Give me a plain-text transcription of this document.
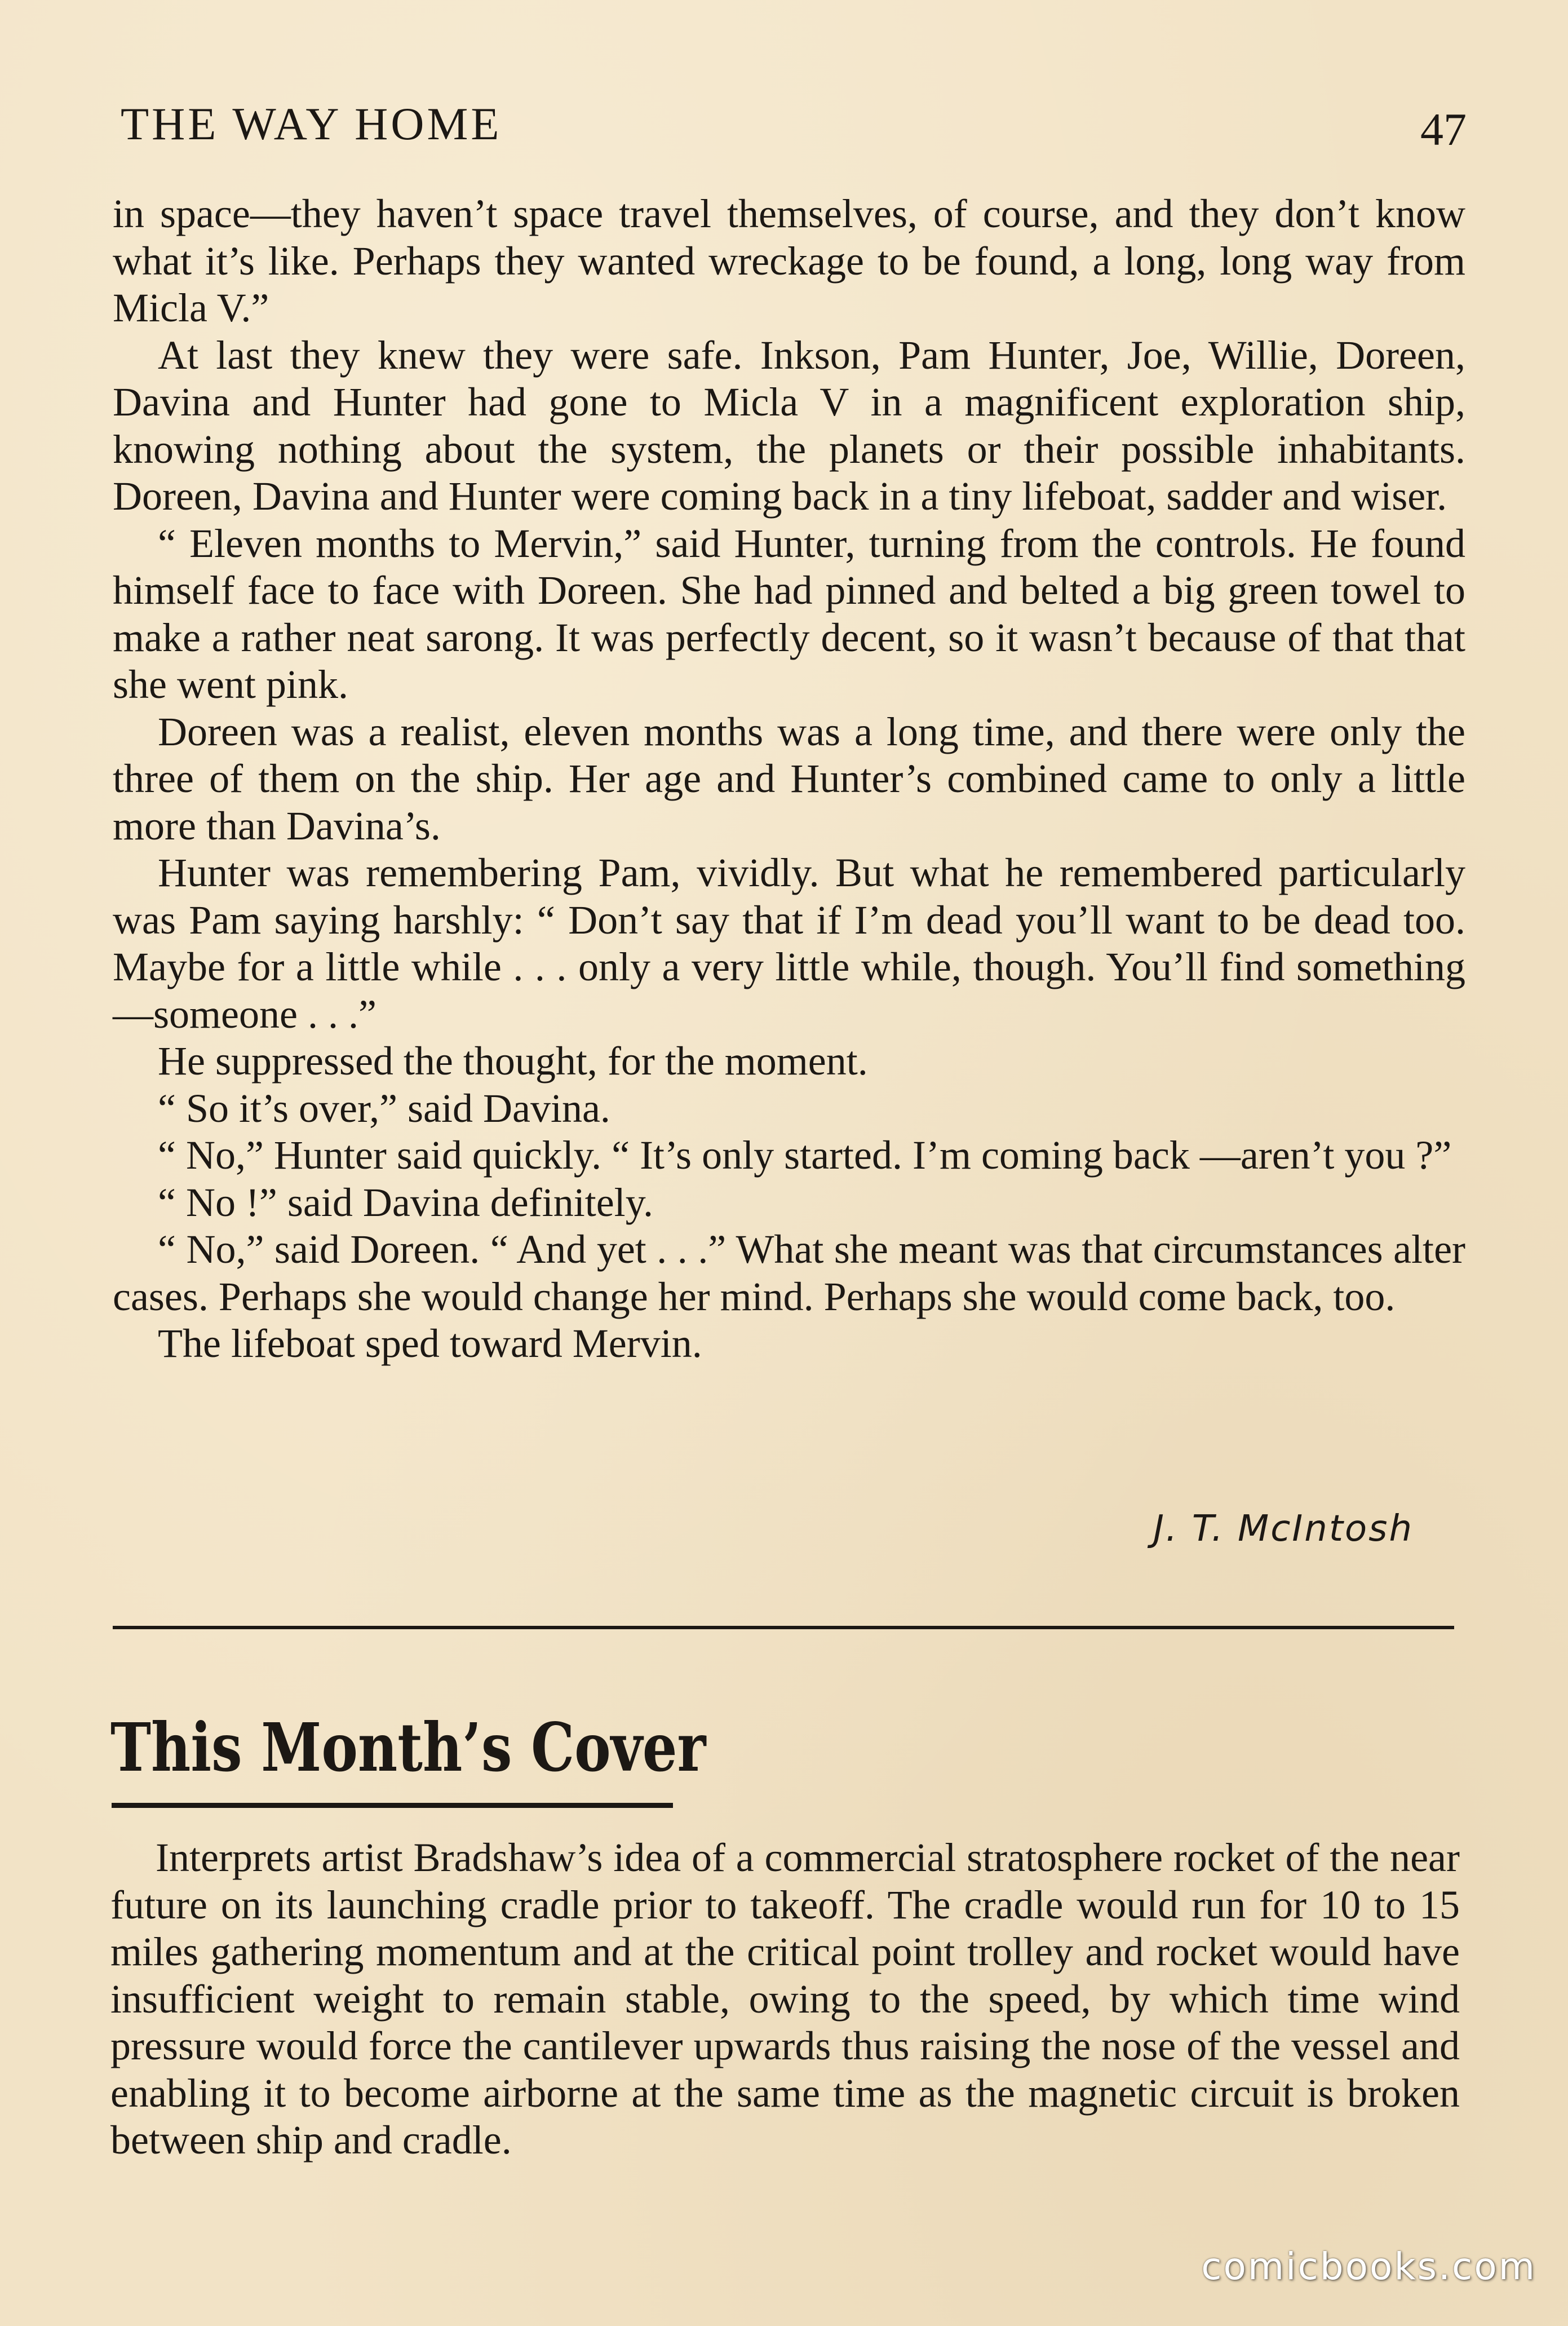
THE WAY HOME	47

in space—they haven’t space travel themselves, of course, and they don’t know what it’s like. Perhaps they wanted wreckage to be found, a long, long way from Micla V.”

At last they knew they were safe. Inkson, Pam Hunter, Joe, Willie, Doreen, Davina and Hunter had gone to Micla V in a magnificent exploration ship, knowing nothing about the system, the planets or their possible inhabitants. Doreen, Davina and Hunter were coming back in a tiny lifeboat, sadder and wiser.

“ Eleven months to Mervin,” said Hunter, turning from the controls. He found himself face to face with Doreen. She had pinned and belted a big green towel to make a rather neat sarong. It was perfectly decent, so it wasn’t because of that that she went pink.

Doreen was a realist, eleven months was a long time, and there were only the three of them on the ship. Her age and Hunter’s combined came to only a little more than Davina’s.

Hunter was remembering Pam, vividly. But what he remembered particularly was Pam saying harshly: “ Don’t say that if I’m dead you’ll want to be dead too. Maybe for a little while . . . only a very little while, though. You’ll find something—someone . . .”

He suppressed the thought, for the moment.

“ So it’s over,” said Davina.

“ No,” Hunter said quickly. “ It’s only started. I’m coming back —aren’t you ?”

“ No !” said Davina definitely.

“ No,” said Doreen. “ And yet . . .” What she meant was that circumstances alter cases. Perhaps she would change her mind. Perhaps she would come back, too.

The lifeboat sped toward Mervin.

J. T. McIntosh
This Month’s Cover

Interprets artist Bradshaw’s idea of a commercial stratosphere rocket of the near future on its launching cradle prior to takeoff. The cradle would run for 10 to 15 miles gathering momentum and at the critical point trolley and rocket would have insufficient weight to remain stable, owing to the speed, by which time wind pressure would force the cantilever upwards thus raising the nose of the vessel and enabling it to become airborne at the same time as the magnetic circuit is broken between ship and cradle.

comicbooks.com
